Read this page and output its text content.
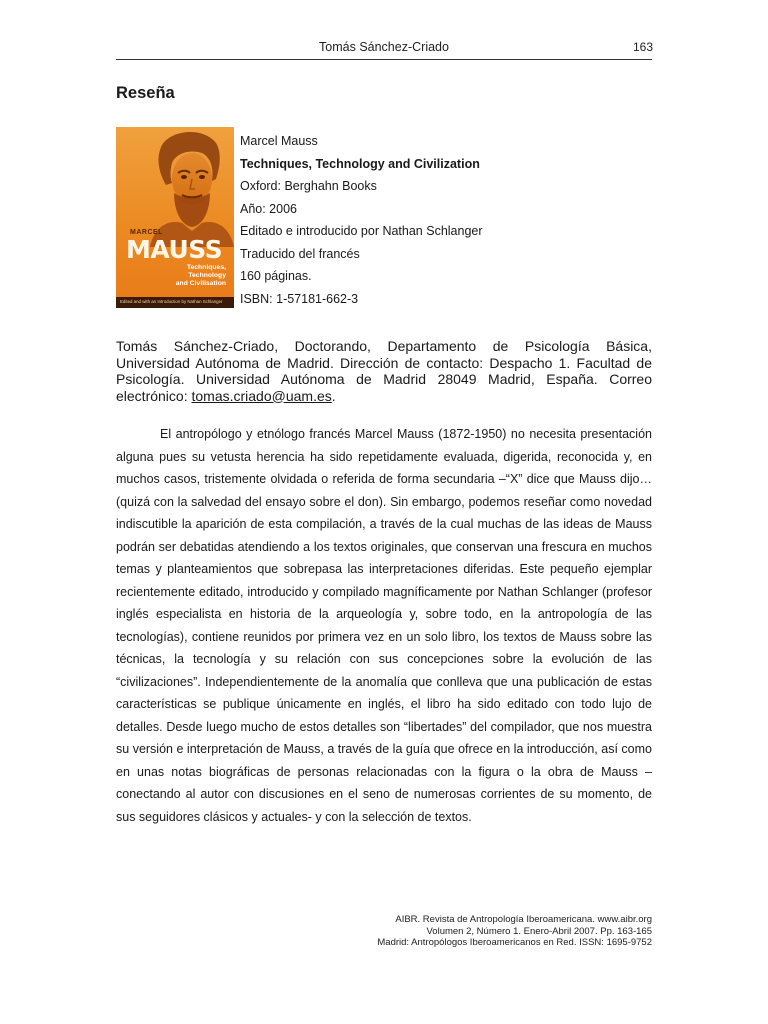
Tomás Sánchez-Criado	163
Reseña
MARCEL
MAUSS
Techniques,
Technology
and Civilisation
Edited and with an Introduction by Nathan Schlanger
Marcel Mauss
Techniques, Technology and Civilization
Oxford: Berghahn Books
Año: 2006
Editado e introducido por Nathan Schlanger
Traducido del francés
160 páginas.
ISBN: 1-57181-662-3

Tomás Sánchez-Criado, Doctorando, Departamento de Psicología Básica, Universidad Autónoma de Madrid. Dirección de contacto: Despacho 1. Facultad de Psicología. Universidad Autónoma de Madrid 28049 Madrid, España. Correo electrónico: tomas.criado@uam.es.

El antropólogo y etnólogo francés Marcel Mauss (1872-1950) no necesita presentación alguna pues su vetusta herencia ha sido repetidamente evaluada, digerida, reconocida y, en muchos casos, tristemente olvidada o referida de forma secundaria –“X” dice que Mauss dijo… (quizá con la salvedad del ensayo sobre el don). Sin embargo, podemos reseñar como novedad indiscutible la aparición de esta compilación, a través de la cual muchas de las ideas de Mauss podrán ser debatidas atendiendo a los textos originales, que conservan una frescura en muchos temas y planteamientos que sobrepasa las interpretaciones diferidas. Este pequeño ejemplar recientemente editado, introducido y compilado magníficamente por Nathan Schlanger (profesor inglés especialista en historia de la arqueología y, sobre todo, en la antropología de las tecnologías), contiene reunidos por primera vez en un solo libro, los textos de Mauss sobre las técnicas, la tecnología y su relación con sus concepciones sobre la evolución de las “civilizaciones”. Independientemente de la anomalía que conlleva que una publicación de estas características se publique únicamente en inglés, el libro ha sido editado con todo lujo de detalles. Desde luego mucho de estos detalles son “libertades” del compilador, que nos muestra su versión e interpretación de Mauss, a través de la guía que ofrece en la introducción, así como en unas notas biográficas de personas relacionadas con la figura o la obra de Mauss –conectando al autor con discusiones en el seno de numerosas corrientes de su momento, de sus seguidores clásicos y actuales- y con la selección de textos.

AIBR. Revista de Antropología Iberoamericana. www.aibr.org
Volumen 2, Número 1. Enero-Abril 2007. Pp. 163-165
Madrid: Antropólogos Iberoamericanos en Red. ISSN: 1695-9752
